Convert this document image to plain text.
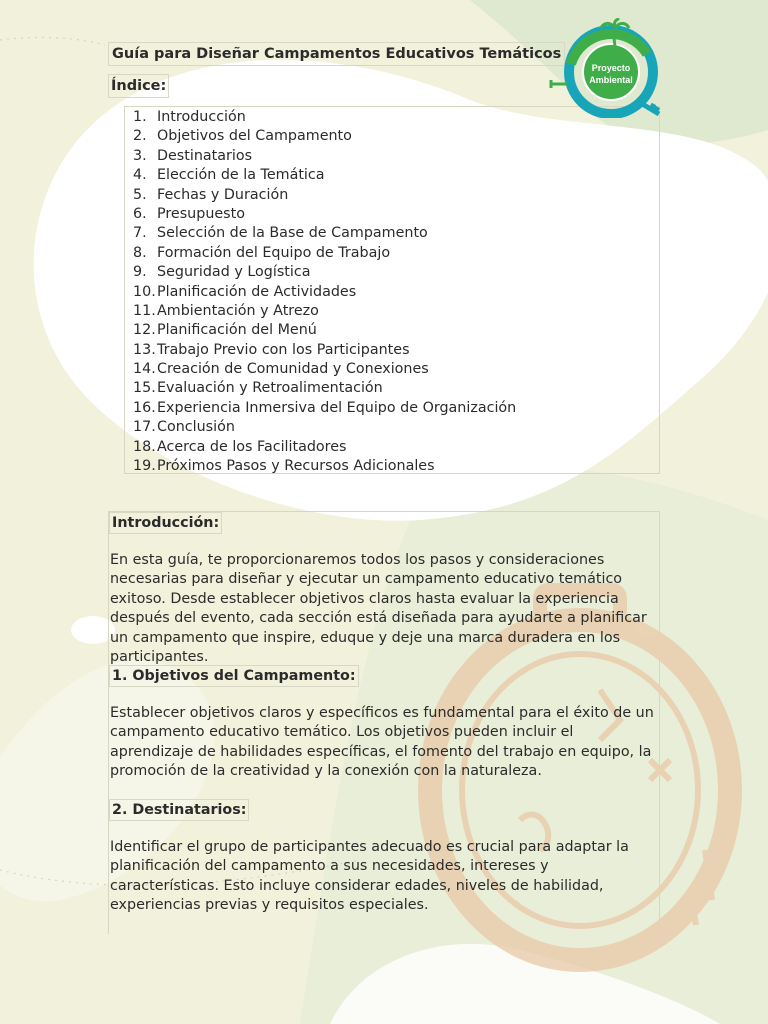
Guía para Diseñar Campamentos Educativos Temáticos
Índice:
Proyecto
Ambiental
1. Introducción
2. Objetivos del Campamento
3. Destinatarios
4. Elección de la Temática
5. Fechas y Duración
6. Presupuesto
7. Selección de la Base de Campamento
8. Formación del Equipo de Trabajo
9. Seguridad y Logística
10. Planificación de Actividades
11. Ambientación y Atrezo
12. Planificación del Menú
13. Trabajo Previo con los Participantes
14. Creación de Comunidad y Conexiones
15. Evaluación y Retroalimentación
16. Experiencia Inmersiva del Equipo de Organización
17. Conclusión
18. Acerca de los Facilitadores
19. Próximos Pasos y Recursos Adicionales
Introducción:

En esta guía, te proporcionaremos todos los pasos y consideraciones necesarias para diseñar y ejecutar un campamento educativo temático exitoso. Desde establecer objetivos claros hasta evaluar la experiencia después del evento, cada sección está diseñada para ayudarte a planificar un campamento que inspire, eduque y deje una marca duradera en los participantes.

1. Objetivos del Campamento:

Establecer objetivos claros y específicos es fundamental para el éxito de un campamento educativo temático. Los objetivos pueden incluir el aprendizaje de habilidades específicas, el fomento del trabajo en equipo, la promoción de la creatividad y la conexión con la naturaleza.

2. Destinatarios:

Identificar el grupo de participantes adecuado es crucial para adaptar la planificación del campamento a sus necesidades, intereses y características. Esto incluye considerar edades, niveles de habilidad, experiencias previas y requisitos especiales.
